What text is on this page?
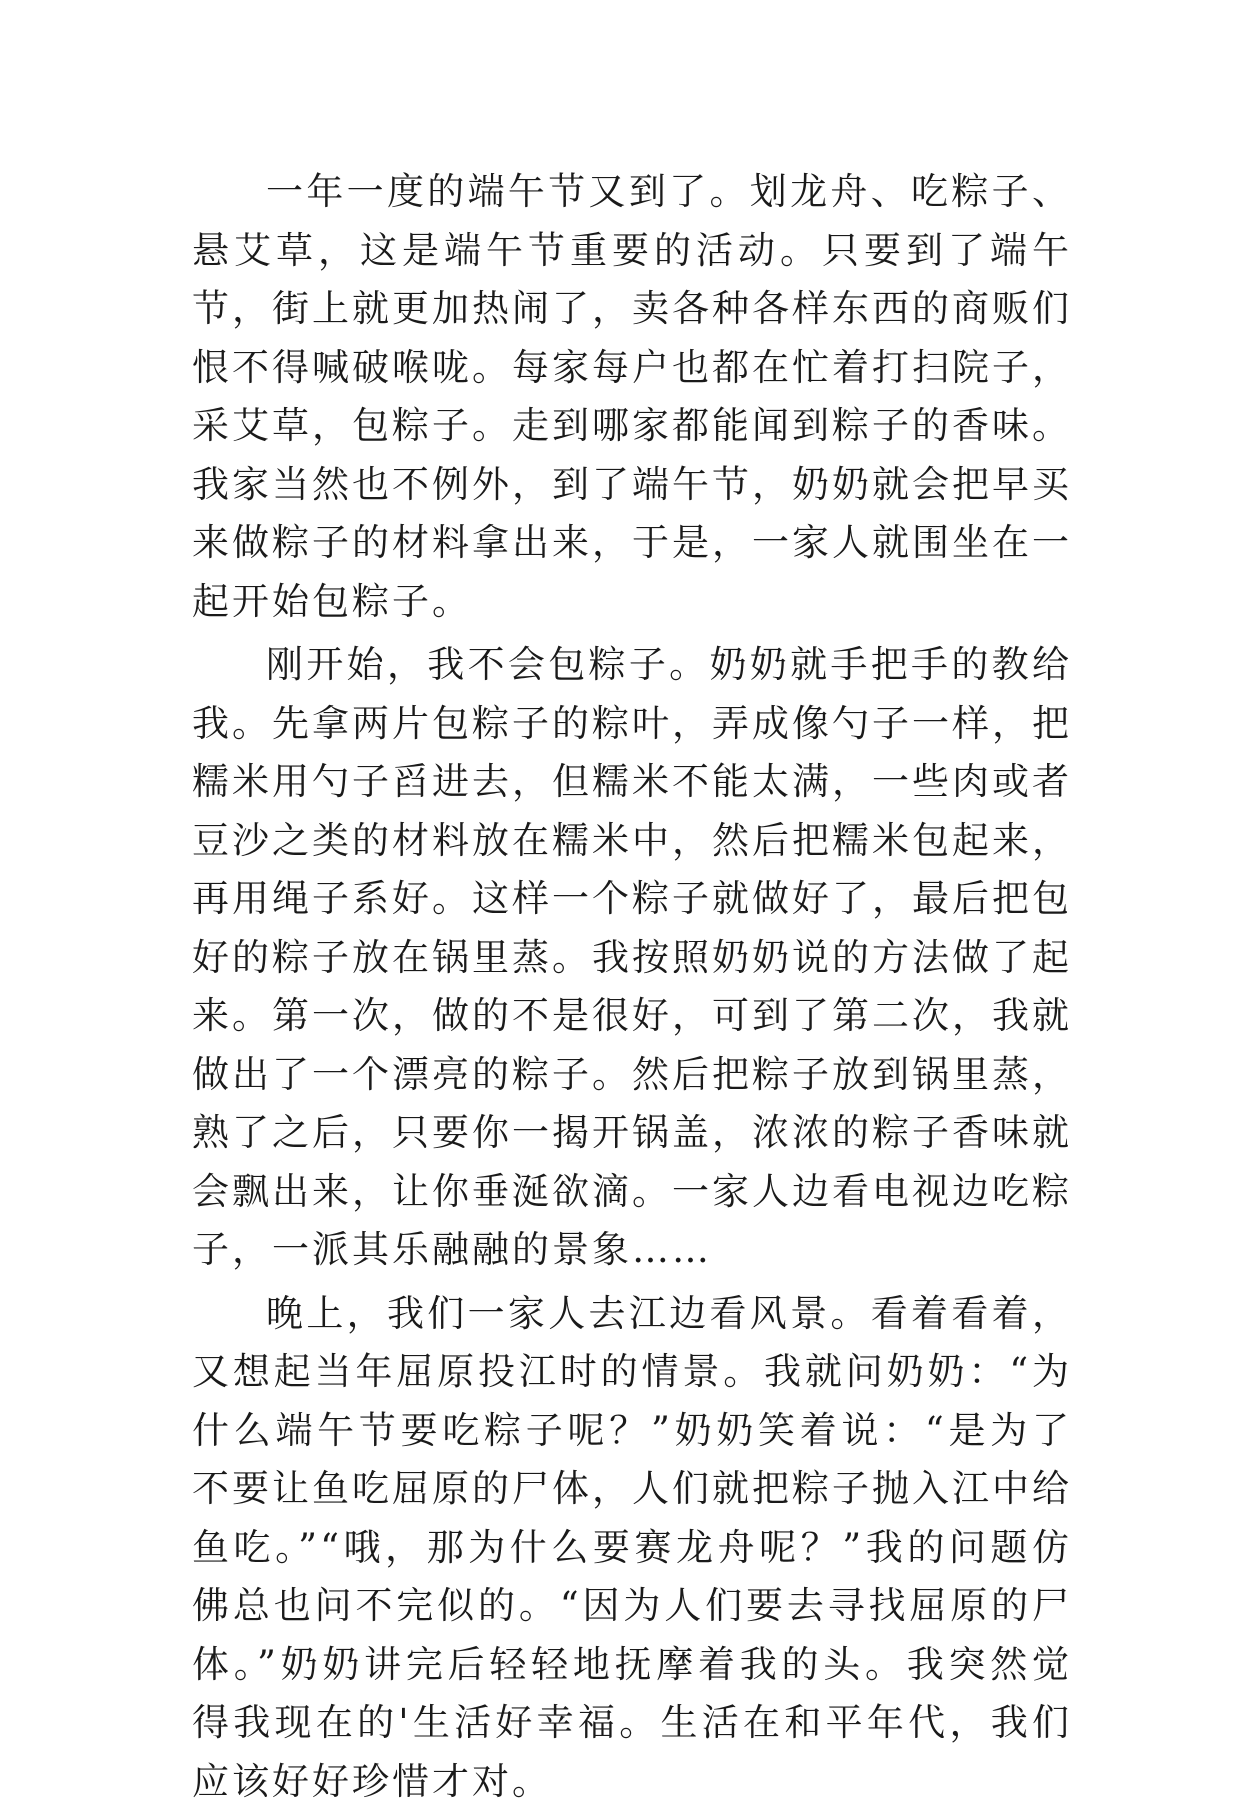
一年一度的端午节又到了。划龙舟、吃粽子、悬艾草，这是端午节重要的活动。只要到了端午节，街上就更加热闹了，卖各种各样东西的商贩们恨不得喊破喉咙。每家每户也都在忙着打扫院子，采艾草，包粽子。走到哪家都能闻到粽子的香味。我家当然也不例外，到了端午节，奶奶就会把早买来做粽子的材料拿出来，于是，一家人就围坐在一起开始包粽子。

刚开始，我不会包粽子。奶奶就手把手的教给我。先拿两片包粽子的粽叶，弄成像勺子一样，把糯米用勺子舀进去，但糯米不能太满，一些肉或者豆沙之类的材料放在糯米中，然后把糯米包起来，再用绳子系好。这样一个粽子就做好了，最后把包好的粽子放在锅里蒸。我按照奶奶说的方法做了起来。第一次，做的不是很好，可到了第二次，我就做出了一个漂亮的粽子。然后把粽子放到锅里蒸，熟了之后，只要你一揭开锅盖，浓浓的粽子香味就会飘出来，让你垂涎欲滴。一家人边看电视边吃粽子，一派其乐融融的景象……

晚上，我们一家人去江边看风景。看着看着，又想起当年屈原投江时的情景。我就问奶奶：“为什么端午节要吃粽子呢？”奶奶笑着说：“是为了不要让鱼吃屈原的尸体，人们就把粽子抛入江中给鱼吃。”“哦，那为什么要赛龙舟呢？”我的问题仿佛总也问不完似的。“因为人们要去寻找屈原的尸体。”奶奶讲完后轻轻地抚摩着我的头。我突然觉得我现在的'生活好幸福。生活在和平年代，我们应该好好珍惜才对。
